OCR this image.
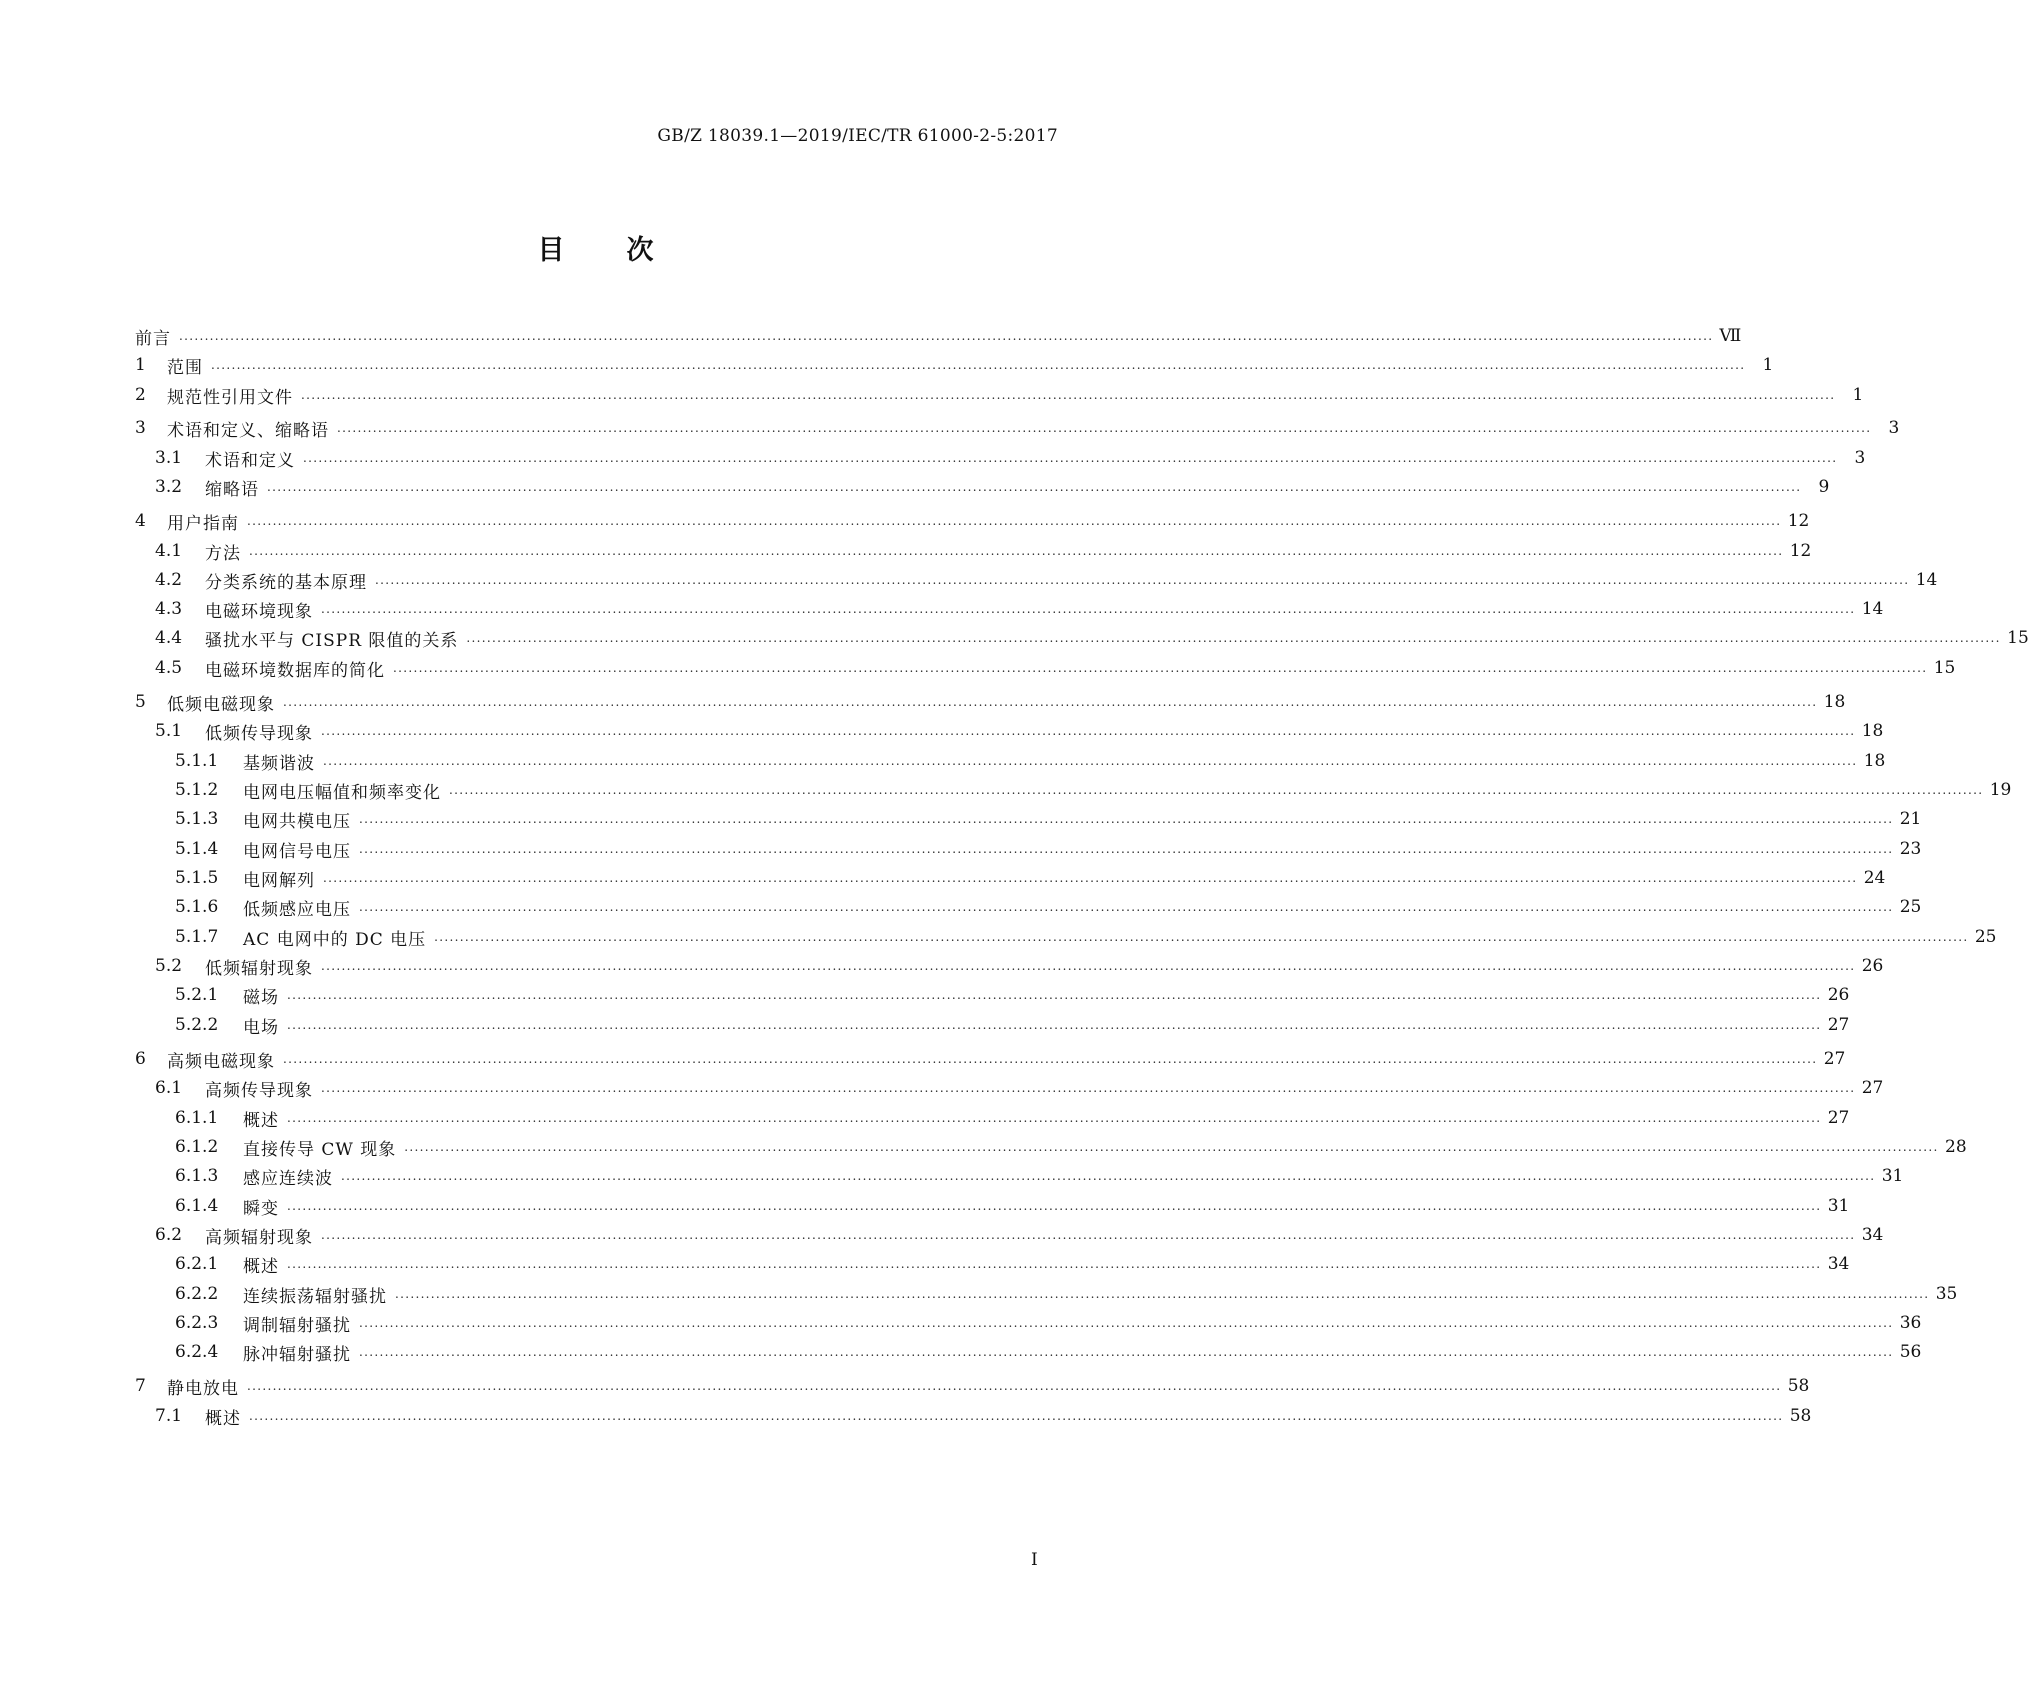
GB/Z 18039.1—2019/IEC/TR 61000-2-5:2017
目次
前言 ............................................................................................................................................................................................................................................................................................................ Ⅶ
1	范围 ............................................................................................................................................................................................................................................................................................................	1
2	规范性引用文件 ............................................................................................................................................................................................................................................................................................................	1
3	术语和定义、缩略语 ............................................................................................................................................................................................................................................................................................................	3
3.1	术语和定义 ............................................................................................................................................................................................................................................................................................................	3
3.2	缩略语 ............................................................................................................................................................................................................................................................................................................	9
4	用户指南 ............................................................................................................................................................................................................................................................................................................ 12
4.1	方法 ............................................................................................................................................................................................................................................................................................................ 12
4.2	分类系统的基本原理 ............................................................................................................................................................................................................................................................................................................ 14
4.3	电磁环境现象 ............................................................................................................................................................................................................................................................................................................ 14
4.4	骚扰水平与 CISPR 限值的关系 ............................................................................................................................................................................................................................................................................................................ 15
4.5	电磁环境数据库的简化 ............................................................................................................................................................................................................................................................................................................ 15
5	低频电磁现象 ............................................................................................................................................................................................................................................................................................................ 18
5.1	低频传导现象 ............................................................................................................................................................................................................................................................................................................ 18
5.1.1	基频谐波 ............................................................................................................................................................................................................................................................................................................ 18
5.1.2	电网电压幅值和频率变化 ............................................................................................................................................................................................................................................................................................................ 19
5.1.3	电网共模电压 ............................................................................................................................................................................................................................................................................................................ 21
5.1.4	电网信号电压 ............................................................................................................................................................................................................................................................................................................ 23
5.1.5	电网解列 ............................................................................................................................................................................................................................................................................................................ 24
5.1.6	低频感应电压 ............................................................................................................................................................................................................................................................................................................ 25
5.1.7	AC 电网中的 DC 电压 ............................................................................................................................................................................................................................................................................................................ 25
5.2	低频辐射现象 ............................................................................................................................................................................................................................................................................................................ 26
5.2.1	磁场 ............................................................................................................................................................................................................................................................................................................ 26
5.2.2	电场 ............................................................................................................................................................................................................................................................................................................ 27
6	高频电磁现象 ............................................................................................................................................................................................................................................................................................................ 27
6.1	高频传导现象 ............................................................................................................................................................................................................................................................................................................ 27
6.1.1	概述 ............................................................................................................................................................................................................................................................................................................ 27
6.1.2	直接传导 CW 现象 ............................................................................................................................................................................................................................................................................................................ 28
6.1.3	感应连续波 ............................................................................................................................................................................................................................................................................................................ 31
6.1.4	瞬变 ............................................................................................................................................................................................................................................................................................................ 31
6.2	高频辐射现象 ............................................................................................................................................................................................................................................................................................................ 34
6.2.1	概述 ............................................................................................................................................................................................................................................................................................................ 34
6.2.2	连续振荡辐射骚扰 ............................................................................................................................................................................................................................................................................................................ 35
6.2.3	调制辐射骚扰 ............................................................................................................................................................................................................................................................................................................ 36
6.2.4	脉冲辐射骚扰 ............................................................................................................................................................................................................................................................................................................ 56
7	静电放电 ............................................................................................................................................................................................................................................................................................................ 58
7.1	概述 ............................................................................................................................................................................................................................................................................................................ 58
I
